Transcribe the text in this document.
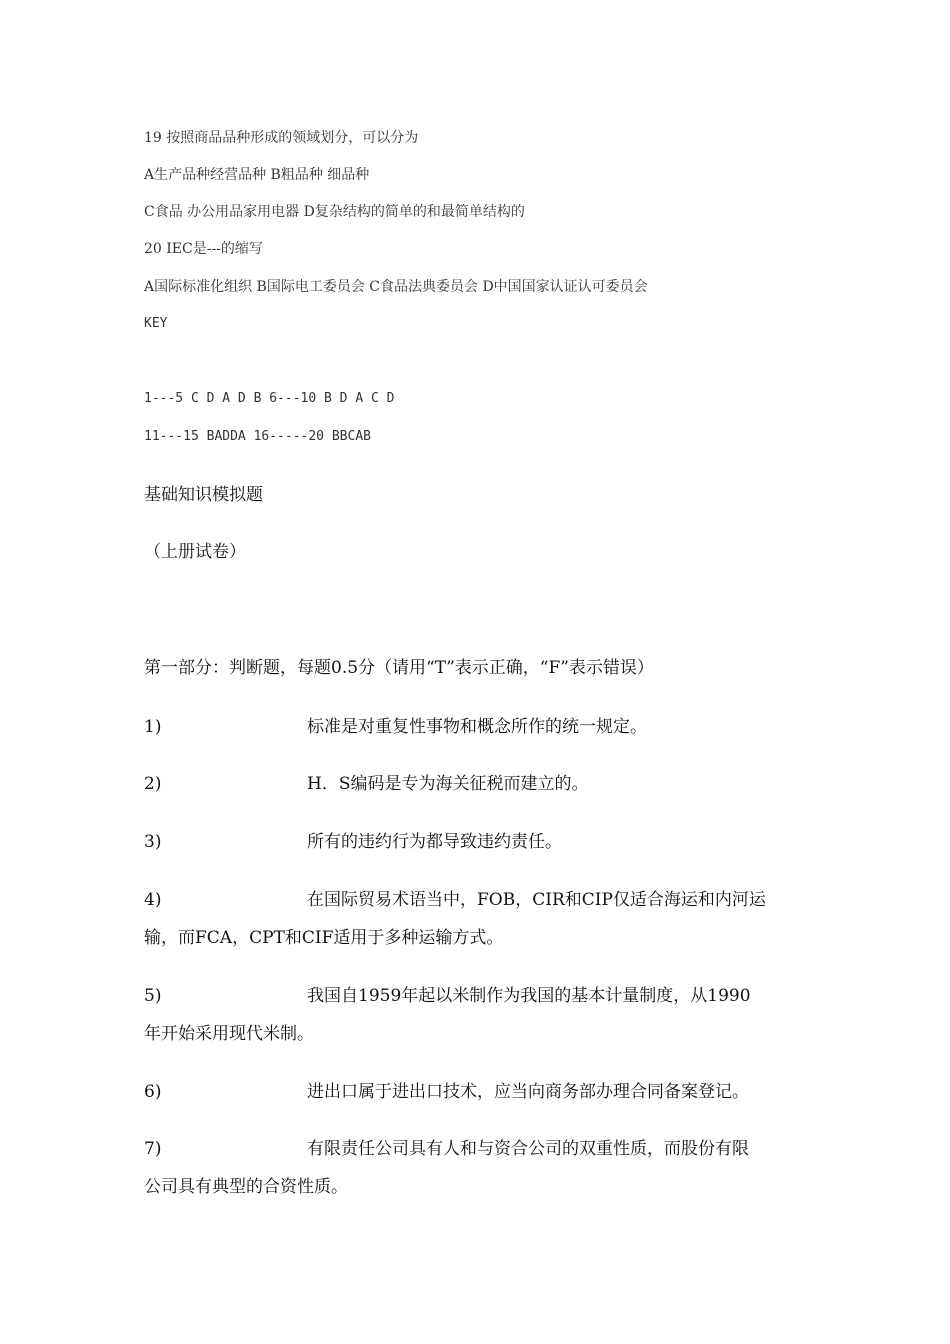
19 按照商品品种形成的领域划分，可以分为
A生产品种经营品种 B粗品种 细品种
C食品 办公用品家用电器 D复杂结构的简单的和最简单结构的
20 IEC是---的缩写
A国际标准化组织 B国际电工委员会 C食品法典委员会 D中国国家认证认可委员会
KEY
1---5 C D A D B 6---10 B D A C D
11---15 BADDA 16-----20 BBCAB
基础知识模拟题
（上册试卷）
第一部分：判断题，每题0.5分（请用“T”表示正确，“F”表示错误）
1)	标准是对重复性事物和概念所作的统一规定。
2)	H．S编码是专为海关征税而建立的。
3)	所有的违约行为都导致违约责任。
4)	在国际贸易术语当中，FOB，CIR和CIP仅适合海运和内河运
输，而FCA，CPT和CIF适用于多种运输方式。
5)	我国自1959年起以米制作为我国的基本计量制度，从1990
年开始采用现代米制。
6)	进出口属于进出口技术，应当向商务部办理合同备案登记。
7)	有限责任公司具有人和与资合公司的双重性质，而股份有限
公司具有典型的合资性质。
